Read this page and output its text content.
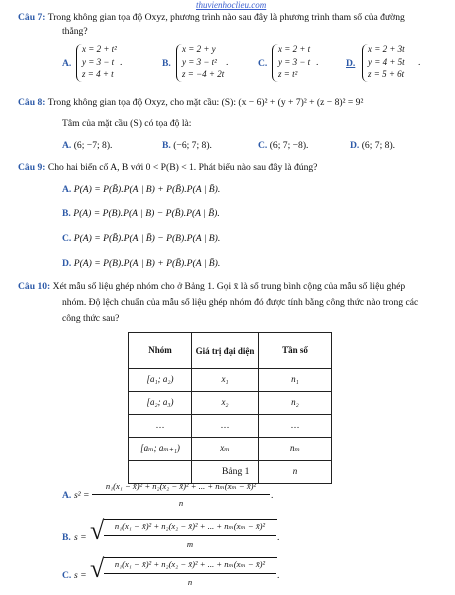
thuvienhoclieu.com
Câu 7: Trong không gian tọa độ Oxyz, phương trình nào sau đây là phương trình tham số của đường
thẳng?
A.
x = 2 + t²
y = 3 − t
z = 4 + t
.	B.
x = 2 + y
y = 3 − t²
z = −4 + 2t
.	C.
x = 2 + t
y = 3 − t
z = t²
.	D.
x = 2 + 3t
y = 4 + 5t
z = 5 + 6t
.
Câu 8: Trong không gian tọa độ Oxyz, cho mặt cầu: (S): (x − 6)² + (y + 7)² + (z − 8)² = 9²
Tâm của mặt cầu (S) có tọa độ là:
A. (6; −7; 8).	B. (−6; 7; 8).	C. (6; 7; −8).	D. (6; 7; 8).
Câu 9: Cho hai biến cố A, B với 0 < P(B) < 1. Phát biểu nào sau đây là đúng?
A. P(A) = P(B̄).P(A | B) + P(B̄).P(A | B̄).
B. P(A) = P(B).P(A | B) − P(B̄).P(A | B̄).
C. P(A) = P(B̄).P(A | B̄) − P(B).P(A | B).
D. P(A) = P(B).P(A | B) + P(B̄).P(A | B̄).
Câu 10: Xét mẫu số liệu ghép nhóm cho ở Bảng 1. Gọi x̄ là số trung bình cộng của mẫu số liệu ghép
nhóm. Độ lệch chuẩn của mẫu số liệu ghép nhóm đó được tính bằng công thức nào trong các
công thức sau?
Nhóm	Giá trị đại diện	Tần số
[a₁; a₂)	x₁	n₁
[a₂; a₃)	x₂	n₂
…	…	…
[aₘ; aₘ₊₁)	xₘ	nₘ
		n
Bảng 1
A. s² =
n₁(x₁ − x̄)² + n₂(x₂ − x̄)² + ... + nₘ(xₘ − x̄)²
n
.
B. s = √	n₁(x₁ − x̄)² + n₂(x₂ − x̄)² + ... + nₘ(xₘ − x̄)²
m
.
C. s = √	n₁(x₁ − x̄)² + n₂(x₂ − x̄)² + ... + nₘ(xₘ − x̄)²
n
.
